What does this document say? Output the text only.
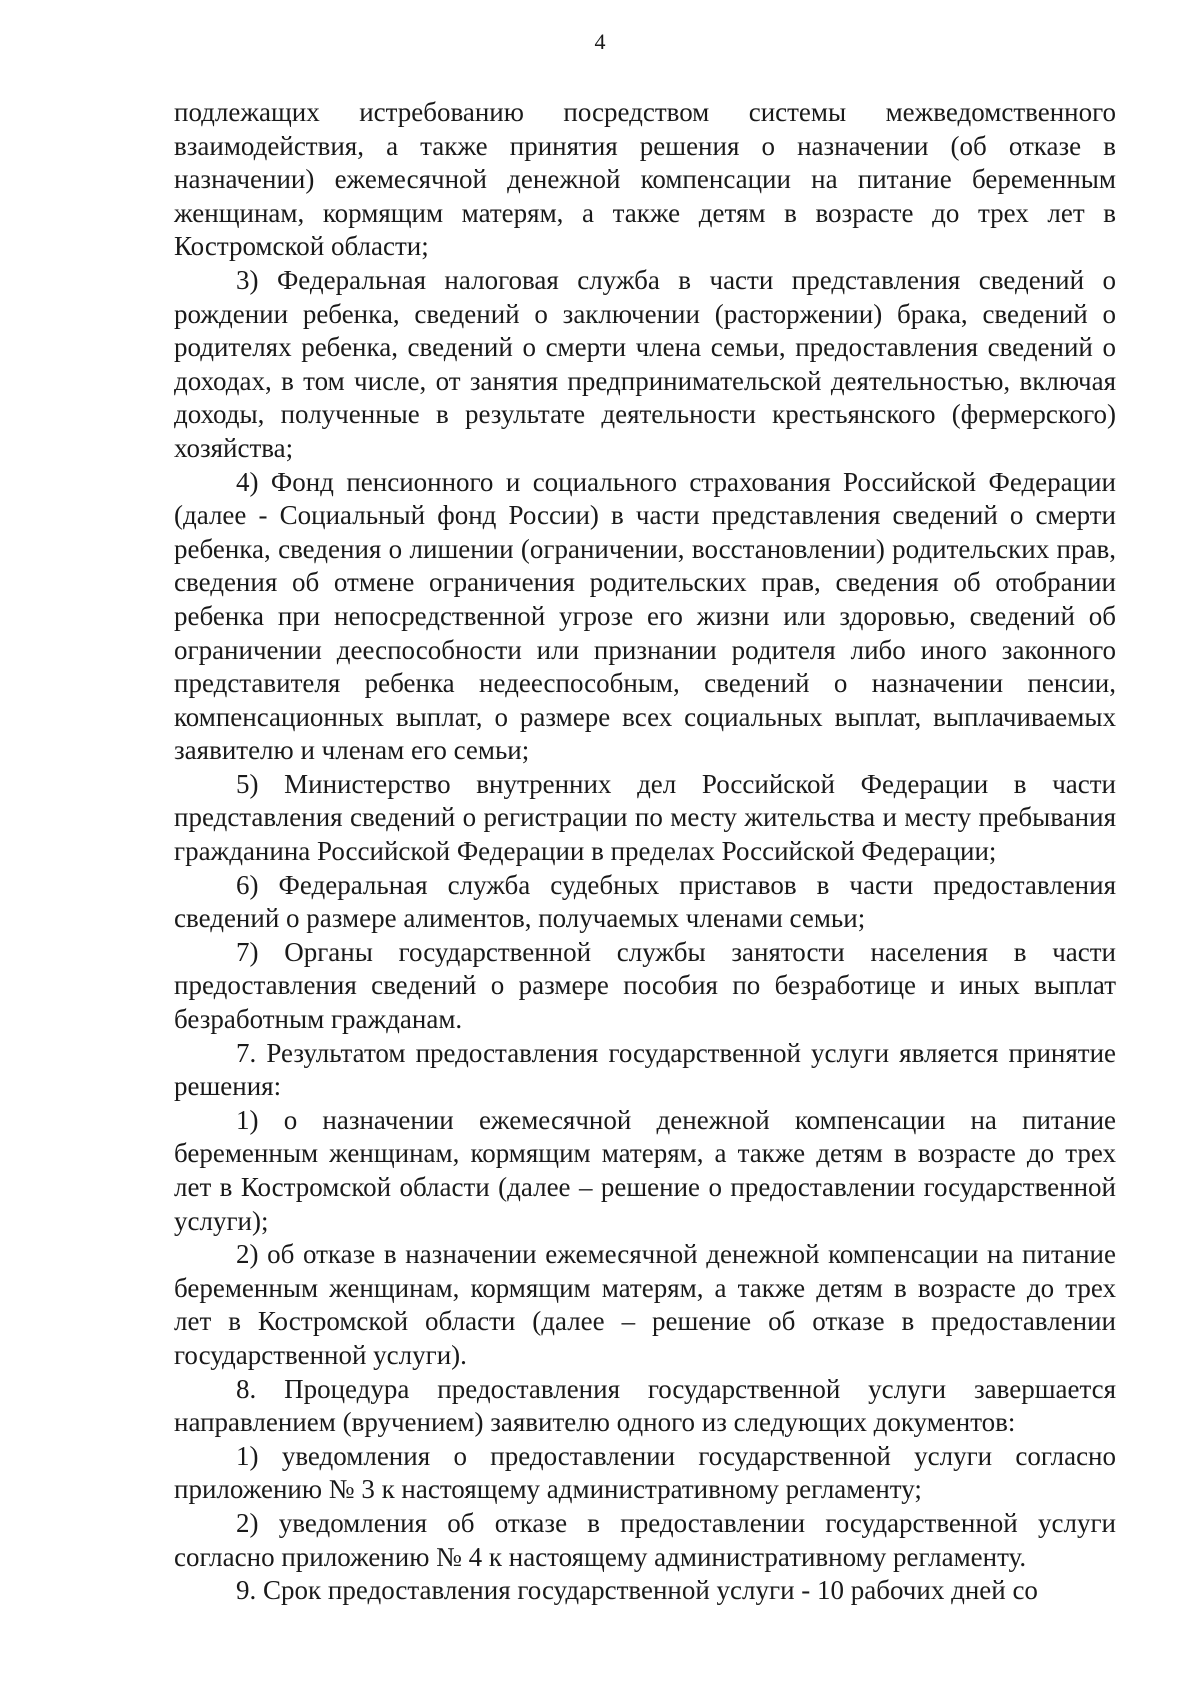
4

подлежащих истребованию посредством системы межведомственного взаимодействия, а также принятия решения о назначении (об отказе в назначении) ежемесячной денежной компенсации на питание беременным женщинам, кормящим матерям, а также детям в возрасте до трех лет в Костромской области;

3) Федеральная налоговая служба в части представления сведений о рождении ребенка, сведений о заключении (расторжении) брака, сведений о родителях ребенка, сведений о смерти члена семьи, предоставления сведений о доходах, в том числе, от занятия предпринимательской деятельностью, включая доходы, полученные в результате деятельности крестьянского (фермерского) хозяйства;

4) Фонд пенсионного и социального страхования Российской Федерации (далее - Социальный фонд России) в части представления сведений о смерти ребенка, сведения о лишении (ограничении, восстановлении) родительских прав, сведения об отмене ограничения родительских прав, сведения об отобрании ребенка при непосредственной угрозе его жизни или здоровью, сведений об ограничении дееспособности или признании родителя либо иного законного представителя ребенка недееспособным, сведений о назначении пенсии, компенсационных выплат, о размере всех социальных выплат, выплачиваемых заявителю и членам его семьи;

5) Министерство внутренних дел Российской Федерации в части представления сведений о регистрации по месту жительства и месту пребывания гражданина Российской Федерации в пределах Российской Федерации;

6) Федеральная служба судебных приставов в части предоставления сведений о размере алиментов, получаемых членами семьи;

7) Органы государственной службы занятости населения в части предоставления сведений о размере пособия по безработице и иных выплат безработным гражданам.

7. Результатом предоставления государственной услуги является принятие решения:

1) о назначении ежемесячной денежной компенсации на питание беременным женщинам, кормящим матерям, а также детям в возрасте до трех лет в Костромской области (далее – решение о предоставлении государственной услуги);

2) об отказе в назначении ежемесячной денежной компенсации на питание беременным женщинам, кормящим матерям, а также детям в возрасте до трех лет в Костромской области (далее – решение об отказе в предоставлении государственной услуги).

8. Процедура предоставления государственной услуги завершается направлением (вручением) заявителю одного из следующих документов:

1) уведомления о предоставлении государственной услуги согласно приложению № 3 к настоящему административному регламенту;

2) уведомления об отказе в предоставлении государственной услуги согласно приложению № 4 к настоящему административному регламенту.

9. Срок предоставления государственной услуги - 10 рабочих дней со
